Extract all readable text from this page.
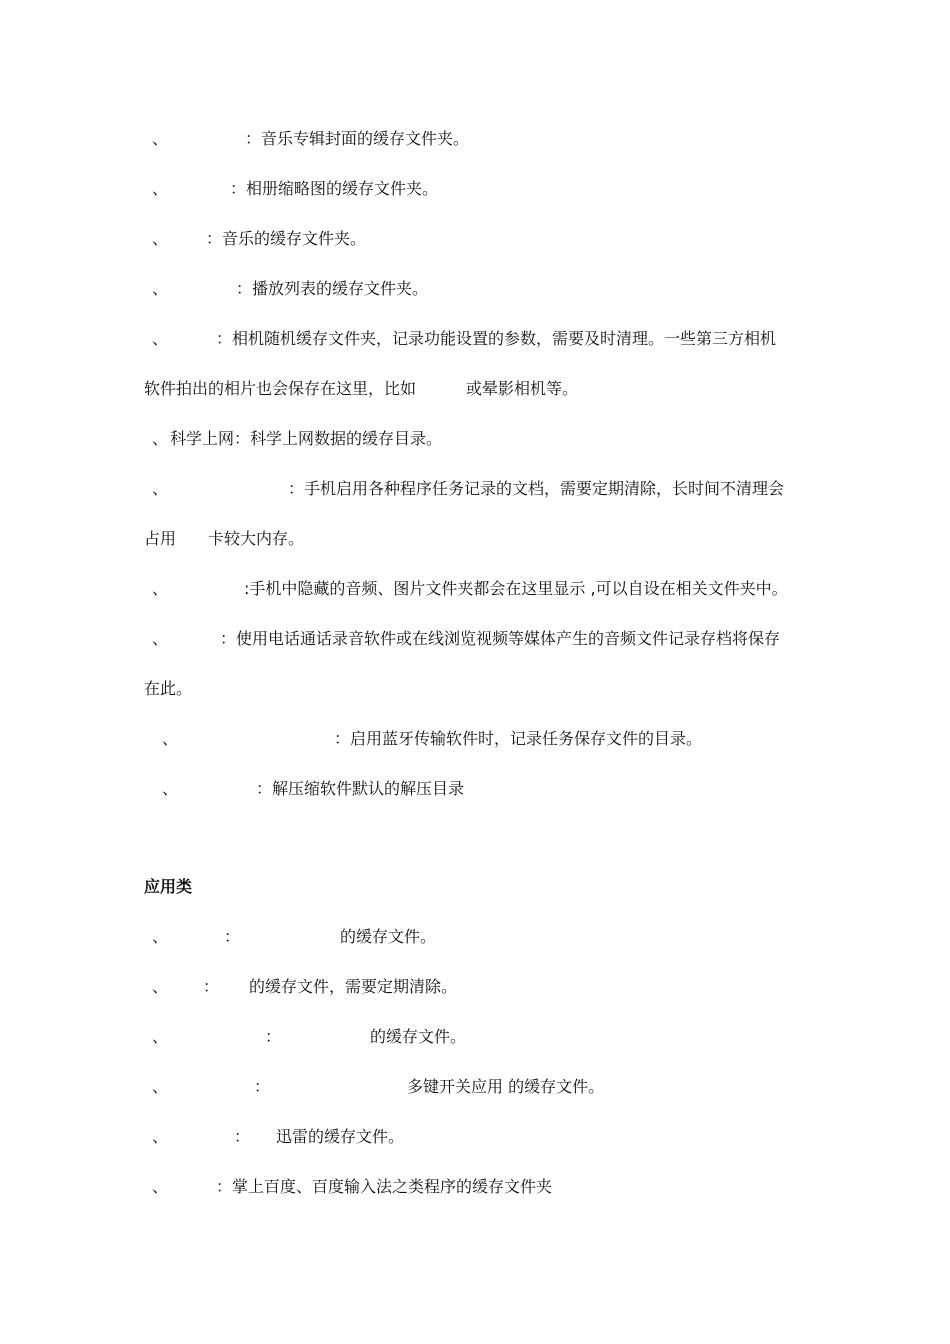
、	：音乐专辑封面的缓存文件夹。
、	：相册缩略图的缓存文件夹。
、 ：音乐的缓存文件夹。
、	：播放列表的缓存文件夹。
、	：相机随机缓存文件夹，记录功能设置的参数，需要及时清理。一些第三方相机
软件拍出的相片也会保存在这里，比如	或晕影相机等。
、 科学上网：科学上网数据的缓存目录。
、	：手机启用各种程序任务记录的文档，需要定期清除，长时间不清理会
占用 卡较大内存。
、	:手机中隐藏的音频、图片文件夹都会在这里显示 ,可以自设在相关文件夹中。
、	：使用电话通话录音软件或在线浏览视频等媒体产生的音频文件记录存档将保存
在此。
、	：启用蓝牙传输软件时，记录任务保存文件的目录。
、	：解压缩软件默认的解压目录
应用类
、	：	的缓存文件。
、 ： 的缓存文件，需要定期清除。
、	：	的缓存文件。
、	：	多键开关应用 的缓存文件。
、	： 迅雷的缓存文件。
、	：掌上百度、百度输入法之类程序的缓存文件夹
